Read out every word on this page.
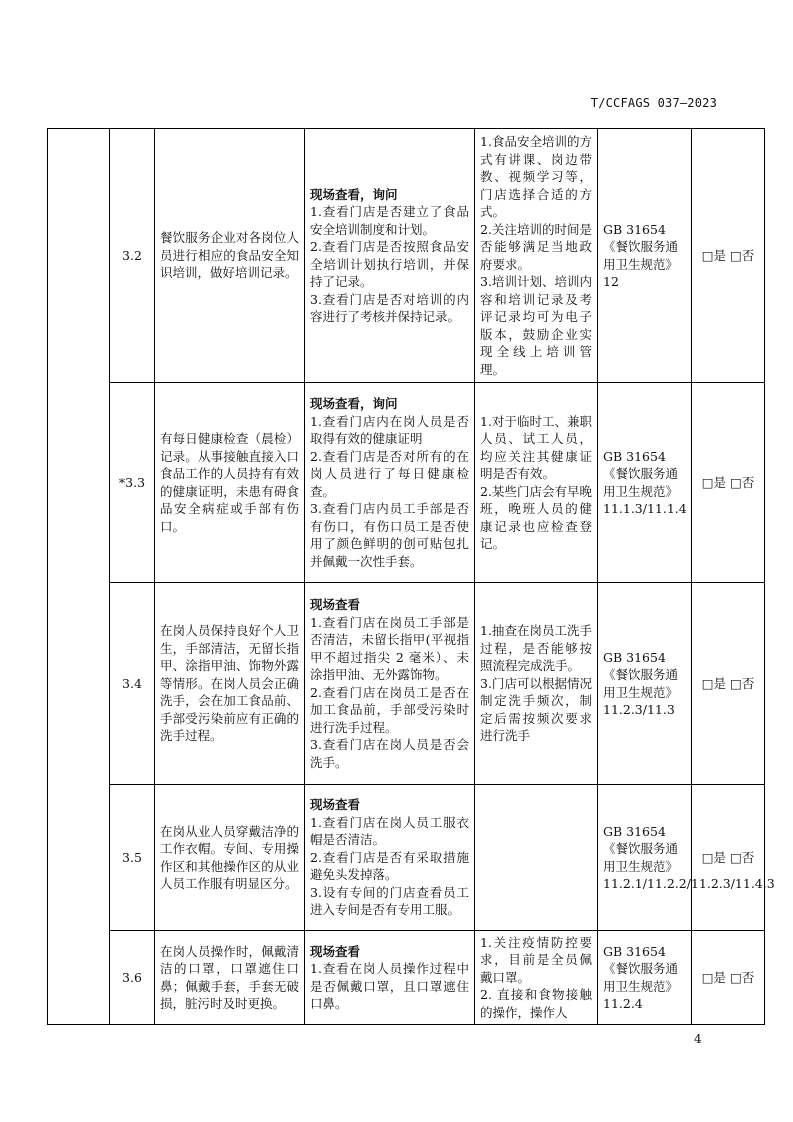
T/CCFAGS 037—2023
	3.2	餐饮服务企业对各岗位人员进行相应的食品安全知识培训，做好培训记录。	现场查看，询问
1.查看门店是否建立了食品安全培训制度和计划。
2.查看门店是否按照食品安全培训计划执行培训，并保持了记录。
3.查看门店是否对培训的内容进行了考核并保持记录。	1.食品安全培训的方式有讲课、岗边带教、视频学习等，门店选择合适的方式。
2.关注培训的时间是否能够满足当地政府要求。
3.培训计划、培训内容和培训记录及考评记录均可为电子版本，鼓励企业实现全线上培训管理。	GB 31654《餐饮服务通用卫生规范》12	□是 □否
	*3.3	有每日健康检查（晨检）记录。从事接触直接入口食品工作的人员持有有效的健康证明，未患有碍食品安全病症或手部有伤口。	现场查看，询问
1.查看门店内在岗人员是否取得有效的健康证明
2.查看门店是否对所有的在岗人员进行了每日健康检查。
3.查看门店内员工手部是否有伤口，有伤口员工是否使用了颜色鲜明的创可贴包扎并佩戴一次性手套。	1.对于临时工、兼职人员、试工人员，均应关注其健康证明是否有效。
2.某些门店会有早晚班，晚班人员的健康记录也应检查登记。	GB 31654《餐饮服务通用卫生规范》11.1.3/11.1.4	□是 □否
	3.4	在岗人员保持良好个人卫生，手部清洁，无留长指甲、涂指甲油、饰物外露等情形。在岗人员会正确洗手，会在加工食品前、手部受污染前应有正确的洗手过程。	现场查看
1.查看门店在岗员工手部是否清洁，未留长指甲(平视指甲不超过指尖 2 毫米）、未涂指甲油、无外露饰物。
2.查看门店在岗员工是否在加工食品前，手部受污染时进行洗手过程。
3.查看门店在岗人员是否会洗手。	1.抽查在岗员工洗手过程，是否能够按照流程完成洗手。
3.门店可以根据情况制定洗手频次，制定后需按频次要求进行洗手	GB 31654《餐饮服务通用卫生规范》11.2.3/11.3	□是 □否
	3.5	在岗从业人员穿戴洁净的工作衣帽。专间、专用操作区和其他操作区的从业人员工作服有明显区分。	现场查看
1.查看门店在岗人员工服衣帽是否清洁。
2.查看门店是否有采取措施避免头发掉落。
3.设有专间的门店查看员工进入专间是否有专用工服。		GB 31654《餐饮服务通用卫生规范》11.2.1/11.2.2/11.2.3/11.4.3	□是 □否
	3.6	在岗人员操作时，佩戴清洁的口罩，口罩遮住口鼻；佩戴手套，手套无破损，脏污时及时更换。	现场查看
1.查看在岗人员操作过程中是否佩戴口罩，且口罩遮住口鼻。	1.关注疫情防控要求，目前是全员佩戴口罩。
2. 直接和食物接触的操作，操作人	GB 31654《餐饮服务通用卫生规范》11.2.4	□是 □否
4
